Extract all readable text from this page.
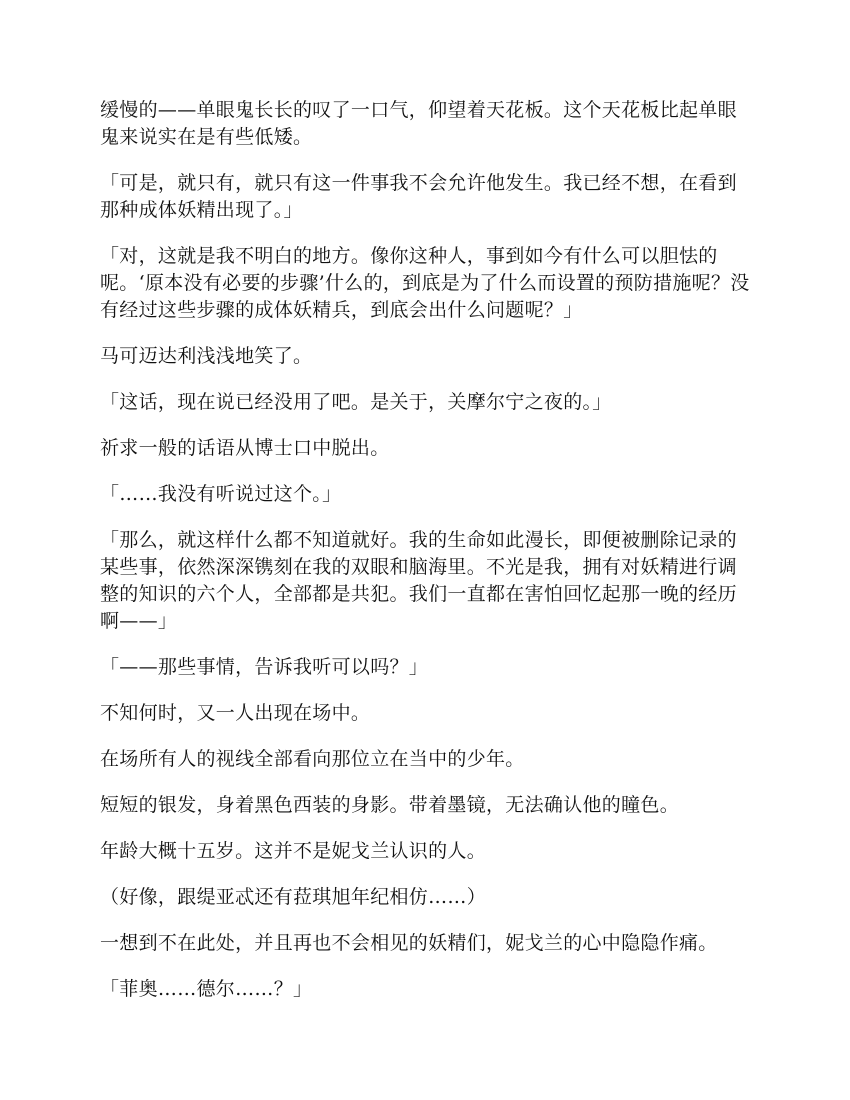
缓慢的——单眼鬼长长的叹了一口气，仰望着天花板。这个天花板比起单眼鬼来说实在是有些低矮。

「可是，就只有，就只有这一件事我不会允许他发生。我已经不想，在看到那种成体妖精出现了。」

「对，这就是我不明白的地方。像你这种人，事到如今有什么可以胆怯的呢。‘原本没有必要的步骤’什么的，到底是为了什么而设置的预防措施呢？没有经过这些步骤的成体妖精兵，到底会出什么问题呢？」

马可迈达利浅浅地笑了。

「这话，现在说已经没用了吧。是关于，关摩尔宁之夜的。」

祈求一般的话语从博士口中脱出。

「……我没有听说过这个。」

「那么，就这样什么都不知道就好。我的生命如此漫长，即便被删除记录的某些事，依然深深镌刻在我的双眼和脑海里。不光是我，拥有对妖精进行调整的知识的六个人，全部都是共犯。我们一直都在害怕回忆起那一晚的经历啊——」

「——那些事情，告诉我听可以吗？」

不知何时，又一人出现在场中。

在场所有人的视线全部看向那位立在当中的少年。

短短的银发，身着黑色西装的身影。带着墨镜，无法确认他的瞳色。

年龄大概十五岁。这并不是妮戈兰认识的人。

（好像，跟缇亚忒还有菈琪旭年纪相仿……）

一想到不在此处，并且再也不会相见的妖精们，妮戈兰的心中隐隐作痛。

「菲奥……德尔……？」
